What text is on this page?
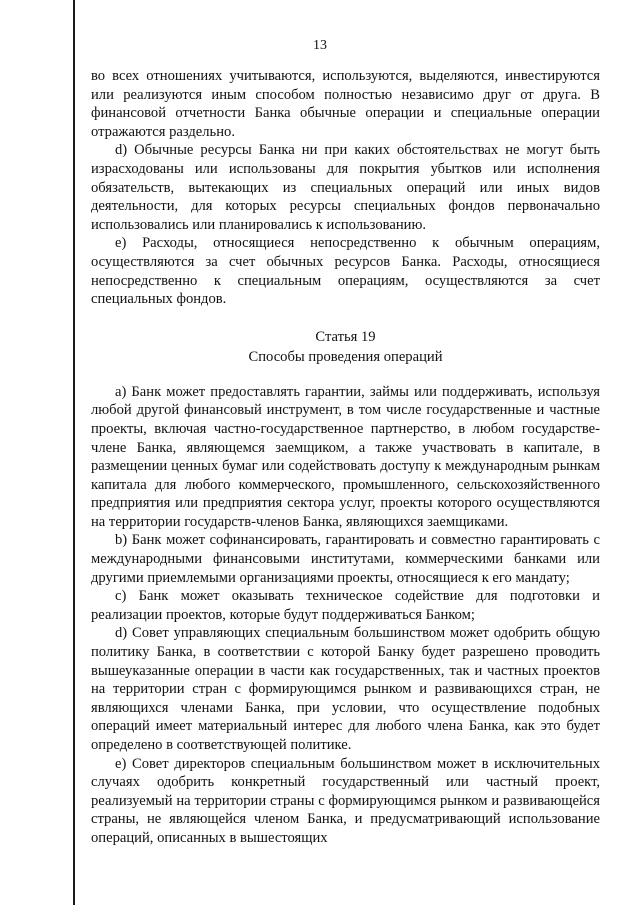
13

во всех отношениях учитываются, используются, выделяются, инвестируются или реализуются иным способом полностью независимо друг от друга. В финансовой отчетности Банка обычные операции и специальные операции отражаются раздельно.

d) Обычные ресурсы Банка ни при каких обстоятельствах не могут быть израсходованы или использованы для покрытия убытков или исполнения обязательств, вытекающих из специальных операций или иных видов деятельности, для которых ресурсы специальных фондов первоначально использовались или планировались к использованию.

e) Расходы, относящиеся непосредственно к обычным операциям, осуществляются за счет обычных ресурсов Банка. Расходы, относящиеся непосредственно к специальным операциям, осуществляются за счет специальных фондов.

Статья 19
Способы проведения операций

a) Банк может предоставлять гарантии, займы или поддерживать, используя любой другой финансовый инструмент, в том числе государственные и частные проекты, включая частно-государственное партнерство, в любом государстве-члене Банка, являющемся заемщиком, а также участвовать в капитале, в размещении ценных бумаг или содействовать доступу к международным рынкам капитала для любого коммерческого, промышленного, сельскохозяйственного предприятия или предприятия сектора услуг, проекты которого осуществляются на территории государств-членов Банка, являющихся заемщиками.

b) Банк может софинансировать, гарантировать и совместно гарантировать с международными финансовыми институтами, коммерческими банками или другими приемлемыми организациями проекты, относящиеся к его мандату;

c) Банк может оказывать техническое содействие для подготовки и реализации проектов, которые будут поддерживаться Банком;

d) Совет управляющих специальным большинством может одобрить общую политику Банка, в соответствии с которой Банку будет разрешено проводить вышеуказанные операции в части как государственных, так и частных проектов на территории стран с формирующимся рынком и развивающихся стран, не являющихся членами Банка, при условии, что осуществление подобных операций имеет материальный интерес для любого члена Банка, как это будет определено в соответствующей политике.

e) Совет директоров специальным большинством может в исключительных случаях одобрить конкретный государственный или частный проект, реализуемый на территории страны с формирующимся рынком и развивающейся страны, не являющейся членом Банка, и предусматривающий использование операций, описанных в вышестоящих
